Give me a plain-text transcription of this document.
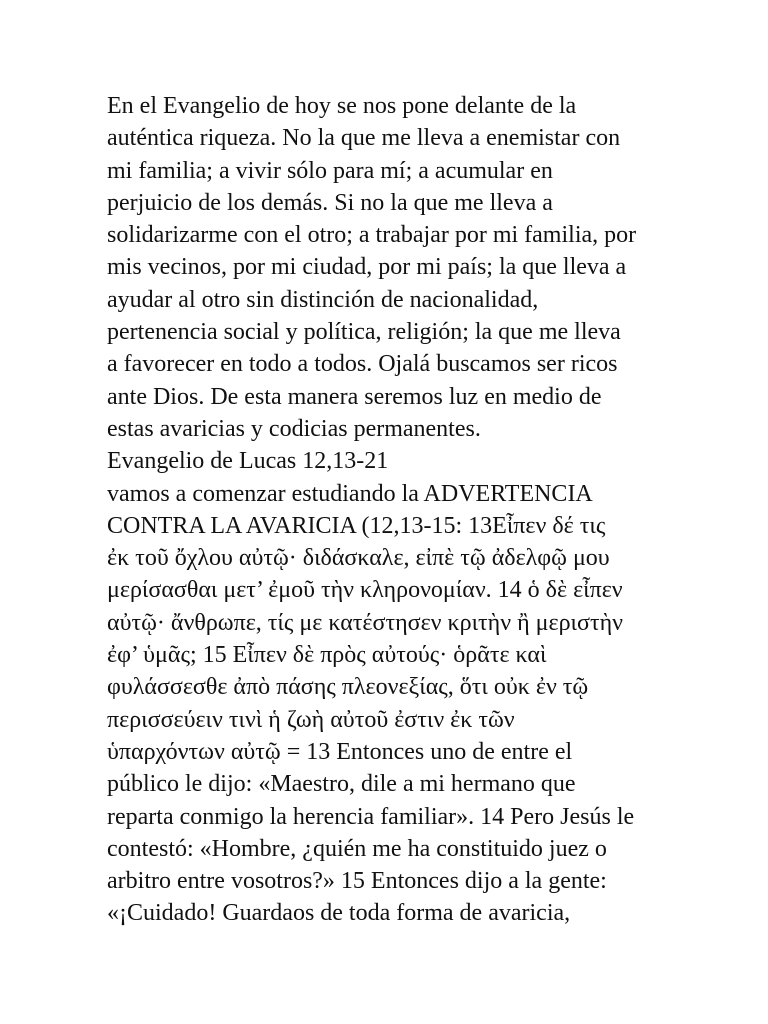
En el Evangelio de hoy se nos pone delante de la

auténtica riqueza. No la que me lleva a enemistar con

mi familia; a vivir sólo para mí; a acumular en

perjuicio de los demás. Si no la que me lleva a

solidarizarme con el otro; a trabajar por mi familia, por

mis vecinos, por mi ciudad, por mi país; la que lleva a

ayudar al otro sin distinción de nacionalidad,

pertenencia social y política, religión; la que me lleva

a favorecer en todo a todos. Ojalá buscamos ser ricos

ante Dios. De esta manera seremos luz en medio de

estas avaricias y codicias permanentes.

Evangelio de Lucas 12,13-21

vamos a comenzar estudiando la ADVERTENCIA

CONTRA LA AVARICIA (12,13-15: 13Εἶπεν δέ τις

ἐκ τοῦ ὄχλου αὐτῷ· διδάσκαλε, εἰπὲ τῷ ἀδελφῷ μου

μερίσασθαι μετ’ ἐμοῦ τὴν κληρονομίαν. 14 ὁ δὲ εἶπεν

αὐτῷ· ἄνθρωπε, τίς με κατέστησεν κριτὴν ἢ μεριστὴν

ἐφ’ ὑμᾶς; 15 Εἶπεν δὲ πρὸς αὐτούς· ὁρᾶτε καὶ

φυλάσσεσθε ἀπὸ πάσης πλεονεξίας, ὅτι οὐκ ἐν τῷ

περισσεύειν τινὶ ἡ ζωὴ αὐτοῦ ἐστιν ἐκ τῶν

ὑπαρχόντων αὐτῷ = 13 Entonces uno de entre el

público le dijo: «Maestro, dile a mi hermano que

reparta conmigo la herencia familiar». 14 Pero Jesús le

contestó: «Hombre, ¿quién me ha constituido juez o

arbitro entre vosotros?» 15 Entonces dijo a la gente:

«¡Cuidado! Guardaos de toda forma de avaricia,
